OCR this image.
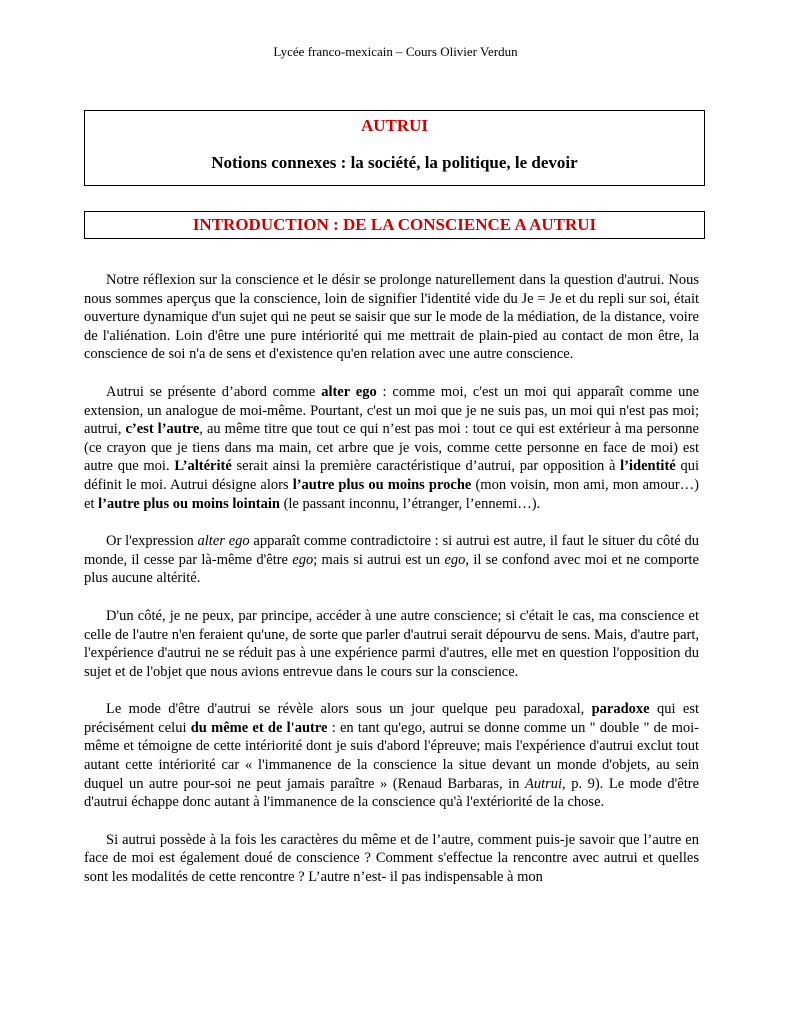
Lycée franco-mexicain – Cours Olivier Verdun
AUTRUI
Notions connexes : la société, la politique, le devoir
INTRODUCTION : DE LA CONSCIENCE A AUTRUI

Notre réflexion sur la conscience et le désir se prolonge naturellement dans la question d'autrui. Nous nous sommes aperçus que la conscience, loin de signifier l'identité vide du Je = Je et du repli sur soi, était ouverture dynamique d'un sujet qui ne peut se saisir que sur le mode de la médiation, de la distance, voire de l'aliénation. Loin d'être une pure intériorité qui me mettrait de plain-pied au contact de mon être, la conscience de soi n'a de sens et d'existence qu'en relation avec une autre conscience.

Autrui se présente d’abord comme alter ego : comme moi, c'est un moi qui apparaît comme une extension, un analogue de moi-même. Pourtant, c'est un moi que je ne suis pas, un moi qui n'est pas moi; autrui, c’est l’autre, au même titre que tout ce qui n’est pas moi : tout ce qui est extérieur à ma personne (ce crayon que je tiens dans ma main, cet arbre que je vois, comme cette personne en face de moi) est autre que moi. L’altérité serait ainsi la première caractéristique d’autrui, par opposition à l’identité qui définit le moi. Autrui désigne alors l’autre plus ou moins proche (mon voisin, mon ami, mon amour…) et l’autre plus ou moins lointain (le passant inconnu, l’étranger, l’ennemi…).

Or l'expression alter ego apparaît comme contradictoire : si autrui est autre, il faut le situer du côté du monde, il cesse par là-même d'être ego; mais si autrui est un ego, il se confond avec moi et ne comporte plus aucune altérité.

D'un côté, je ne peux, par principe, accéder à une autre conscience; si c'était le cas, ma conscience et celle de l'autre n'en feraient qu'une, de sorte que parler d'autrui serait dépourvu de sens. Mais, d'autre part, l'expérience d'autrui ne se réduit pas à une expérience parmi d'autres, elle met en question l'opposition du sujet et de l'objet que nous avions entrevue dans le cours sur la conscience.

Le mode d'être d'autrui se révèle alors sous un jour quelque peu paradoxal, paradoxe qui est précisément celui du même et de l'autre : en tant qu'ego, autrui se donne comme un " double " de moi-même et témoigne de cette intériorité dont je suis d'abord l'épreuve; mais l'expérience d'autrui exclut tout autant cette intériorité car « l'immanence de la conscience la situe devant un monde d'objets, au sein duquel un autre pour-soi ne peut jamais paraître » (Renaud Barbaras, in Autrui, p. 9). Le mode d'être d'autrui échappe donc autant à l'immanence de la conscience qu'à l'extériorité de la chose.

Si autrui possède à la fois les caractères du même et de l’autre, comment puis-je savoir que l’autre en face de moi est également doué de conscience ? Comment s'effectue la rencontre avec autrui et quelles sont les modalités de cette rencontre ? L’autre n’est- il pas indispensable à mon
